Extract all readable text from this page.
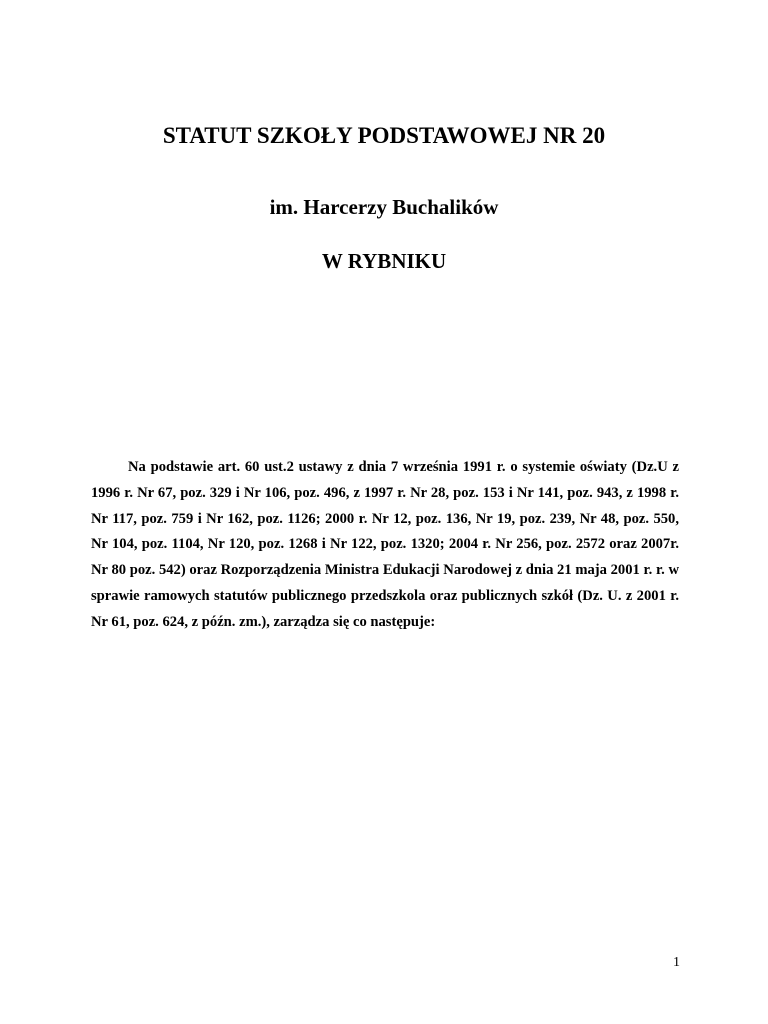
STATUT SZKOŁY PODSTAWOWEJ NR 20
im. Harcerzy Buchalików
W RYBNIKU

Na podstawie art. 60 ust.2 ustawy z dnia 7 września 1991 r. o systemie oświaty (Dz.U z 1996 r. Nr 67, poz. 329 i Nr 106, poz. 496, z 1997 r. Nr 28, poz. 153 i Nr 141, poz. 943, z 1998 r. Nr 117, poz. 759 i Nr 162, poz. 1126; 2000 r. Nr 12, poz. 136, Nr 19, poz. 239, Nr 48, poz. 550, Nr 104, poz. 1104, Nr 120, poz. 1268 i Nr 122, poz. 1320; 2004 r. Nr 256, poz. 2572 oraz 2007r. Nr 80 poz. 542) oraz Rozporządzenia Ministra Edukacji Narodowej z dnia 21 maja 2001 r. r. w sprawie ramowych statutów publicznego przedszkola oraz publicznych szkół (Dz. U. z 2001 r. Nr 61, poz. 624, z późn. zm.), zarządza się co następuje:

1
